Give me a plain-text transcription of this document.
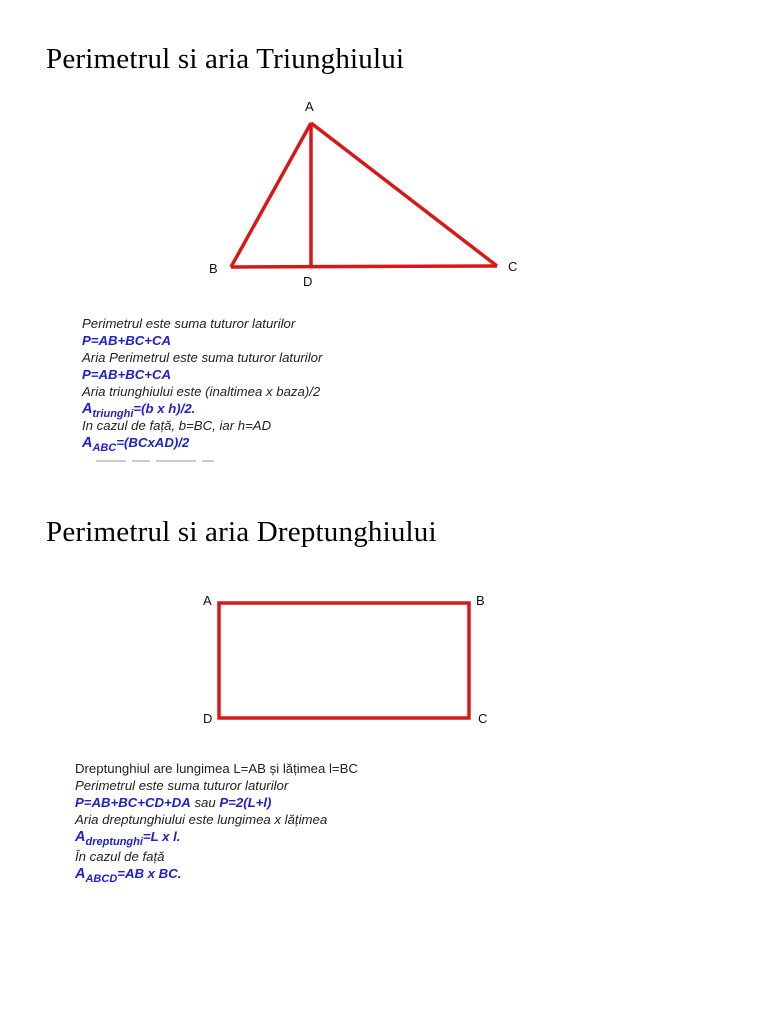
Perimetrul si aria Triunghiului
A
B	C
D
Perimetrul este suma tuturor laturilor
P=AB+BC+CA
Aria Perimetrul este suma tuturor laturilor
P=AB+BC+CA
Aria triunghiului este (inaltimea x baza)/2
$A_{triunghi}=(b$ x h)/2.
In cazul de față, b=BC, iar h=AD
$A_{ABC}=(BCxAD)/2$
Perimetrul si aria Dreptunghiului
A	B
C
D
Dreptunghiul are lungimea L=AB și lățimea l=BC
Perimetrul este suma tuturor laturilor
P=AB+BC+CD+DA sau P=2(L+l)
Aria dreptunghiului este lungimea x lățimea
$A_{dreptunghi}=L$ x l.
În cazul de față
$A_{ABCD}=AB$ x BC.
